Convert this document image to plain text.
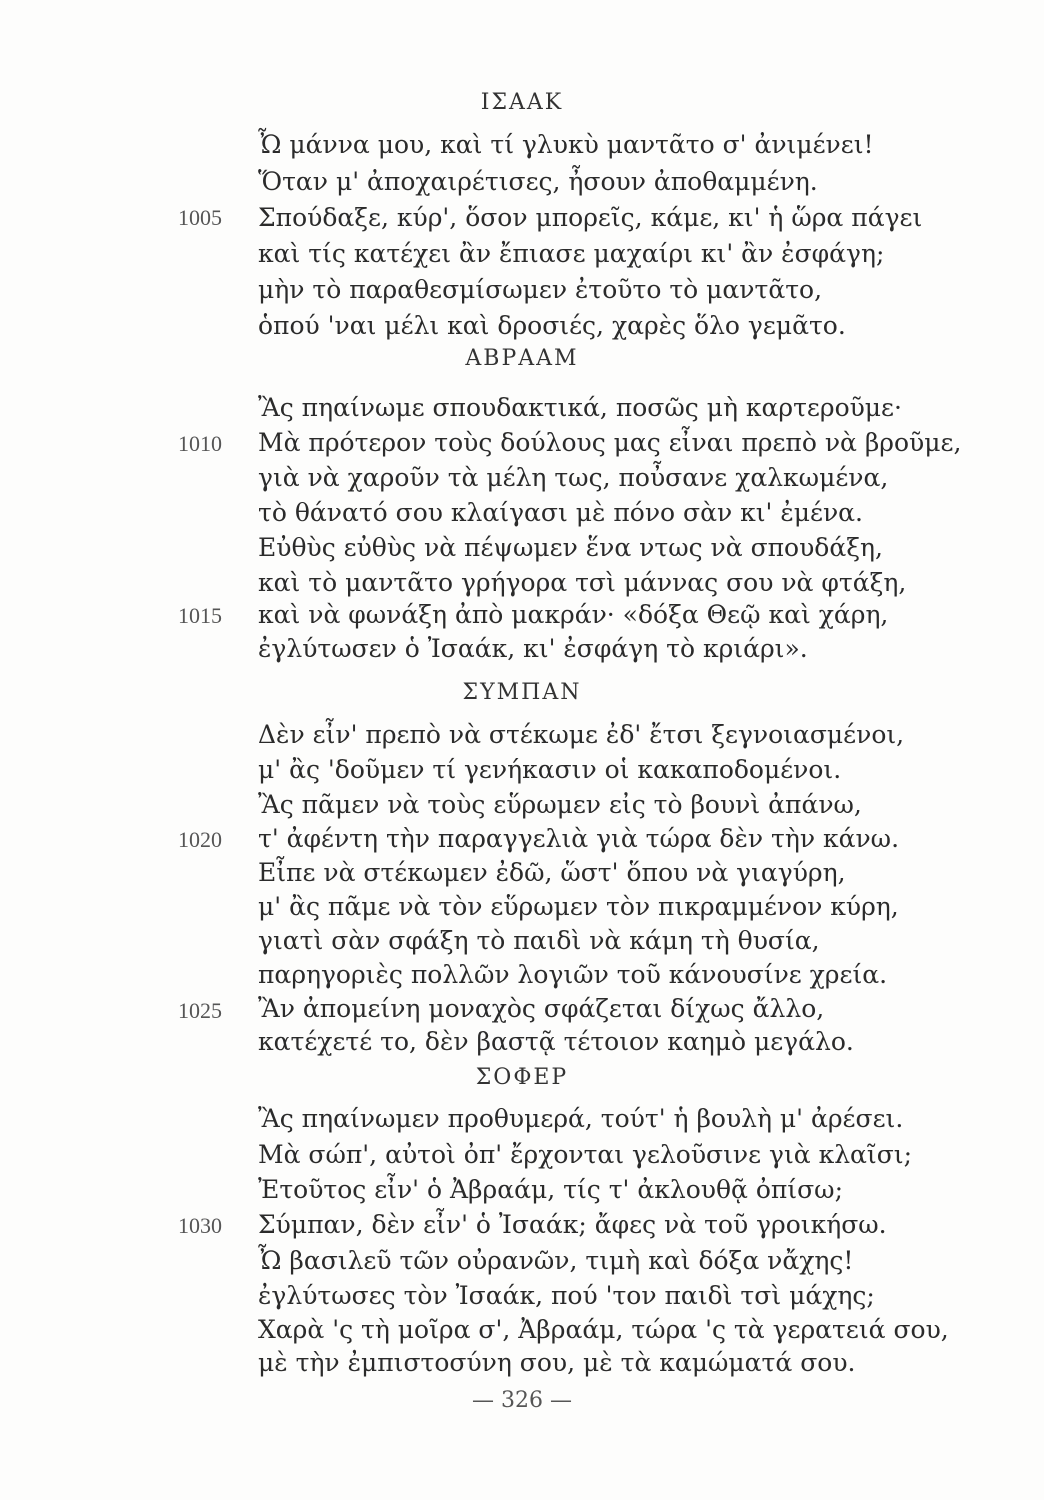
ΙΣΑΑΚ
Ὦ μάννα μου, καὶ τί γλυκὺ μαντᾶτο σ' ἀνιμένει!
Ὅταν μ' ἀποχαιρέτισες, ἦσουν ἀποθαμμένη.
1005 Σπούδαξε, κύρ', ὅσον μπορεῖς, κάμε, κι' ἡ ὥρα πάγει
καὶ τίς κατέχει ἂν ἔπιασε μαχαίρι κι' ἂν ἐσφάγη;
μὴν τὸ παραθεσμίσωμεν ἐτοῦτο τὸ μαντᾶτο,
ὁπού 'ναι μέλι καὶ δροσιές, χαρὲς ὅλο γεμᾶτο.
ΑΒΡΑΑΜ
Ἂς πηαίνωμε σπουδακτικά, ποσῶς μὴ καρτεροῦμε·
1010 Μὰ πρότερον τοὺς δούλους μας εἶναι πρεπὸ νὰ βροῦμε,
γιὰ νὰ χαροῦν τὰ μέλη τως, ποὖσανε χαλκωμένα,
τὸ θάνατό σου κλαίγασι μὲ πόνο σὰν κι' ἐμένα.
Εὐθὺς εὐθὺς νὰ πέψωμεν ἕνα ντως νὰ σπουδάξη,
καὶ τὸ μαντᾶτο γρήγορα τσὶ μάννας σου νὰ φτάξη,
1015 καὶ νὰ φωνάξη ἀπὸ μακράν· «δόξα Θεῷ καὶ χάρη,
ἐγλύτωσεν ὁ Ἰσαάκ, κι' ἐσφάγη τὸ κριάρι».
ΣΥΜΠΑΝ
Δὲν εἶν' πρεπὸ νὰ στέκωμε ἐδ' ἔτσι ξεγνοιασμένοι,
μ' ἂς 'δοῦμεν τί γενήκασιν οἱ κακαποδομένοι.
Ἂς πᾶμεν νὰ τοὺς εὕρωμεν εἰς τὸ βουνὶ ἀπάνω,
1020 τ' ἀφέντη τὴν παραγγελιὰ γιὰ τώρα δὲν τὴν κάνω.
Εἶπε νὰ στέκωμεν ἐδῶ, ὥστ' ὅπου νὰ γιαγύρη,
μ' ἂς πᾶμε νὰ τὸν εὕρωμεν τὸν πικραμμένον κύρη,
γιατὶ σὰν σφάξη τὸ παιδὶ νὰ κάμη τὴ θυσία,
παρηγοριὲς πολλῶν λογιῶν τοῦ κάνουσίνε χρεία.
1025 Ἂν ἀπομείνη μοναχὸς σφάζεται δίχως ἄλλο,
κατέχετέ το, δὲν βαστᾷ τέτοιον καημὸ μεγάλο.
ΣΟΦΕΡ
Ἂς πηαίνωμεν προθυμερά, τούτ' ἡ βουλὴ μ' ἀρέσει.
Μὰ σώπ', αὐτοὶ ὀπ' ἔρχονται γελοῦσινε γιὰ κλαῖσι;
Ἐτοῦτος εἶν' ὁ Ἀβραάμ, τίς τ' ἀκλουθᾷ ὀπίσω;
1030 Σύμπαν, δὲν εἶν' ὁ Ἰσαάκ; ἄφες νὰ τοῦ γροικήσω.
Ὦ βασιλεῦ τῶν οὐρανῶν, τιμὴ καὶ δόξα νἄχης!
ἐγλύτωσες τὸν Ἰσαάκ, πού 'τον παιδὶ τσὶ μάχης;
Χαρὰ 'ς τὴ μοῖρα σ', Ἀβραάμ, τώρα 'ς τὰ γερατειά σου,
μὲ τὴν ἐμπιστοσύνη σου, μὲ τὰ καμώματά σου.
— 326 —
